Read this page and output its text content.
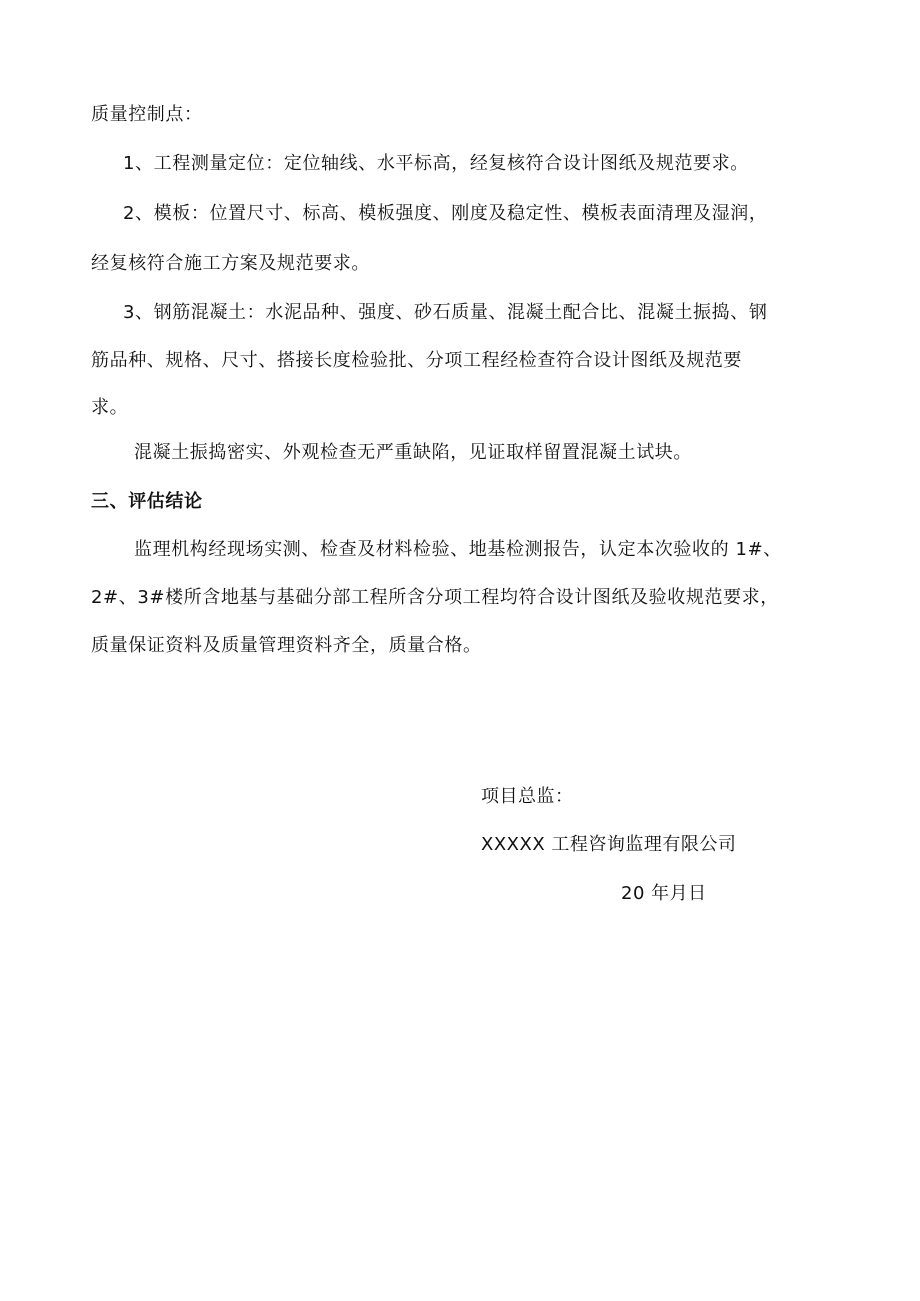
质量控制点：
1、工程测量定位：定位轴线、水平标高，经复核符合设计图纸及规范要求。
2、模板：位置尺寸、标高、模板强度、刚度及稳定性、模板表面清理及湿润，
经复核符合施工方案及规范要求。
3、钢筋混凝土：水泥品种、强度、砂石质量、混凝土配合比、混凝土振捣、钢
筋品种、规格、尺寸、搭接长度检验批、分项工程经检查符合设计图纸及规范要
求。
混凝土振捣密实、外观检查无严重缺陷，见证取样留置混凝土试块。
三、评估结论
监理机构经现场实测、检查及材料检验、地基检测报告，认定本次验收的 1#、
2#、3#楼所含地基与基础分部工程所含分项工程均符合设计图纸及验收规范要求，
质量保证资料及质量管理资料齐全，质量合格。
项目总监：
XXXXX 工程咨询监理有限公司
20 年月日
